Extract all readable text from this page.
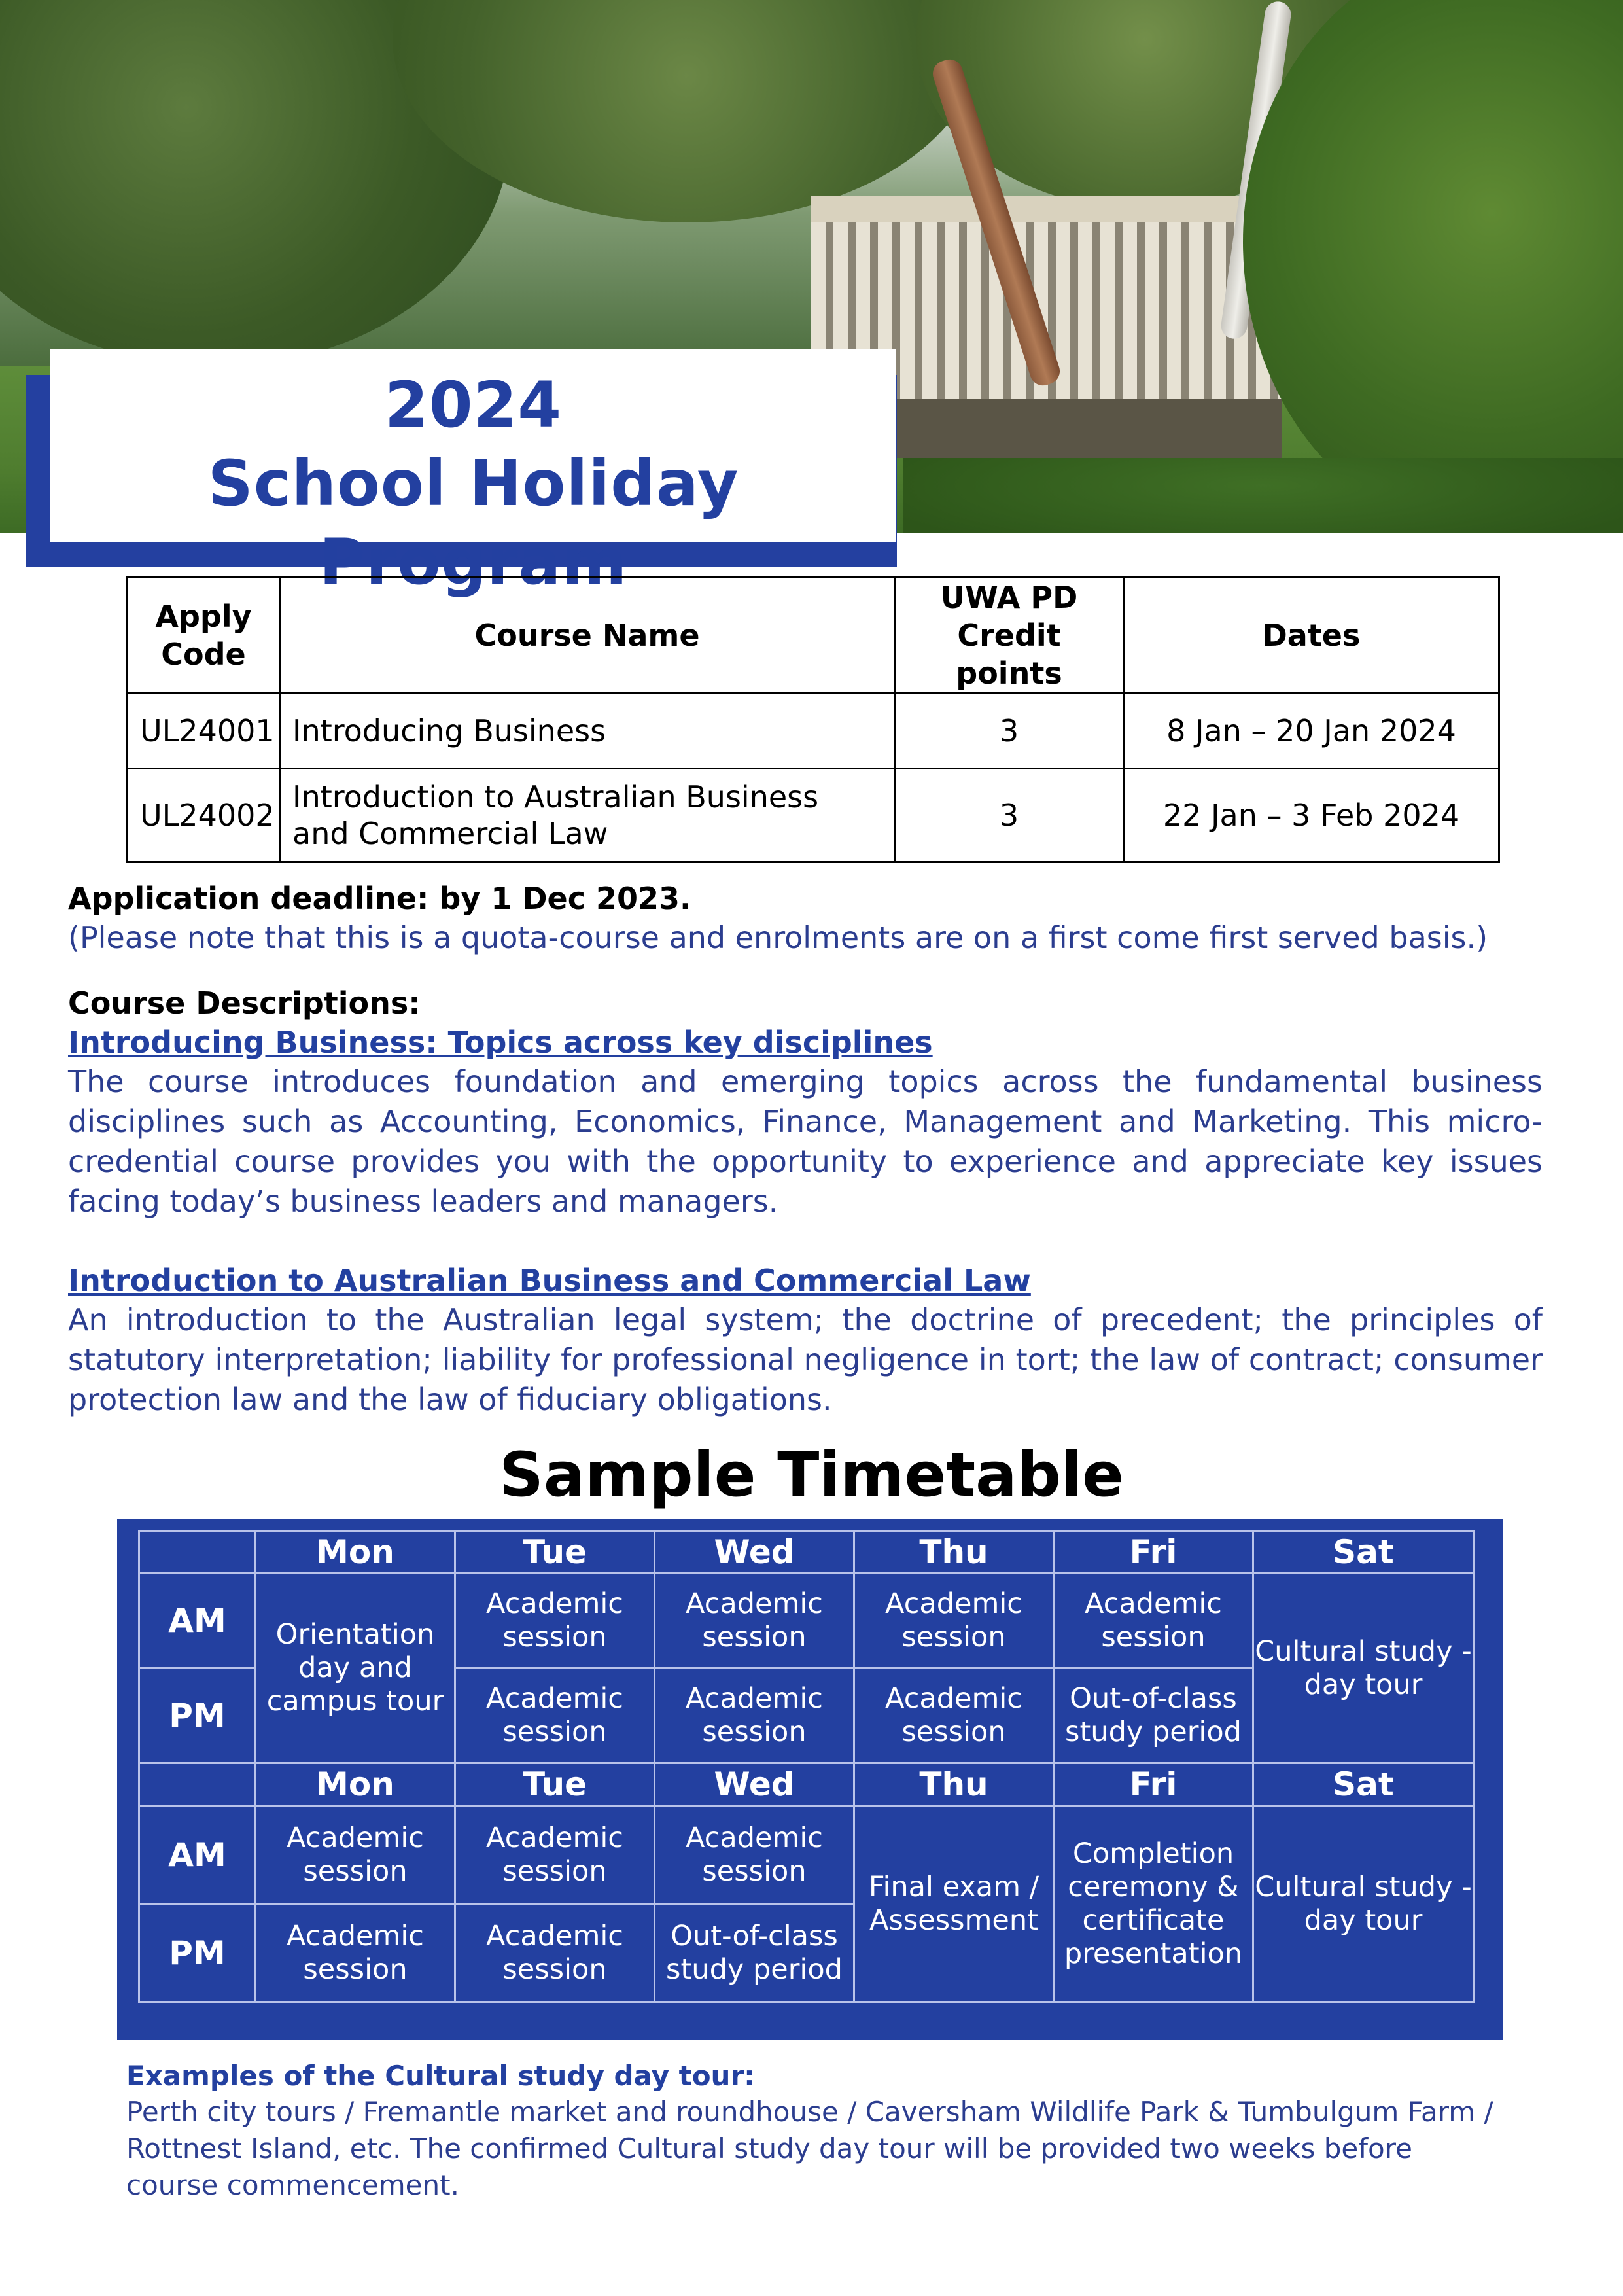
2024
School Holiday Program
Apply Code	Course Name	UWA PD Credit points	Dates
UL24001	Introducing Business	3	8 Jan – 20 Jan 2024
UL24002	Introduction to Australian Business and Commercial Law	3	22 Jan – 3 Feb 2024
Application deadline: by 1 Dec 2023.
(Please note that this is a quota-course and enrolments are on a first come first served basis.)
Course Descriptions:
Introducing Business: Topics across key disciplines
The course introduces foundation and emerging topics across the fundamental business disciplines such as Accounting, Economics, Finance, Management and Marketing. This micro-credential course provides you with the opportunity to experience and appreciate key issues facing today’s business leaders and managers.
Introduction to Australian Business and Commercial Law
An introduction to the Australian legal system; the doctrine of precedent; the principles of statutory interpretation; liability for professional negligence in tort; the law of contract; consumer protection law and the law of fiduciary obligations.
Sample Timetable
	Mon	Tue	Wed	Thu	Fri	Sat
AM	Orientation day and campus tour	Academic session	Academic session	Academic session	Academic session	Cultural study - day tour
PM		Academic session	Academic session	Academic session	Out-of-class study period	
	Mon	Tue	Wed	Thu	Fri	Sat
AM	Academic session	Academic session	Academic session	Final exam / Assessment	Completion ceremony & certificate presentation	Cultural study - day tour
PM	Academic session	Academic session	Out-of-class study period			
Examples of the Cultural study day tour:
Perth city tours / Fremantle market and roundhouse / Caversham Wildlife Park & Tumbulgum Farm / Rottnest Island, etc. The confirmed Cultural study day tour will be provided two weeks before course commencement.
